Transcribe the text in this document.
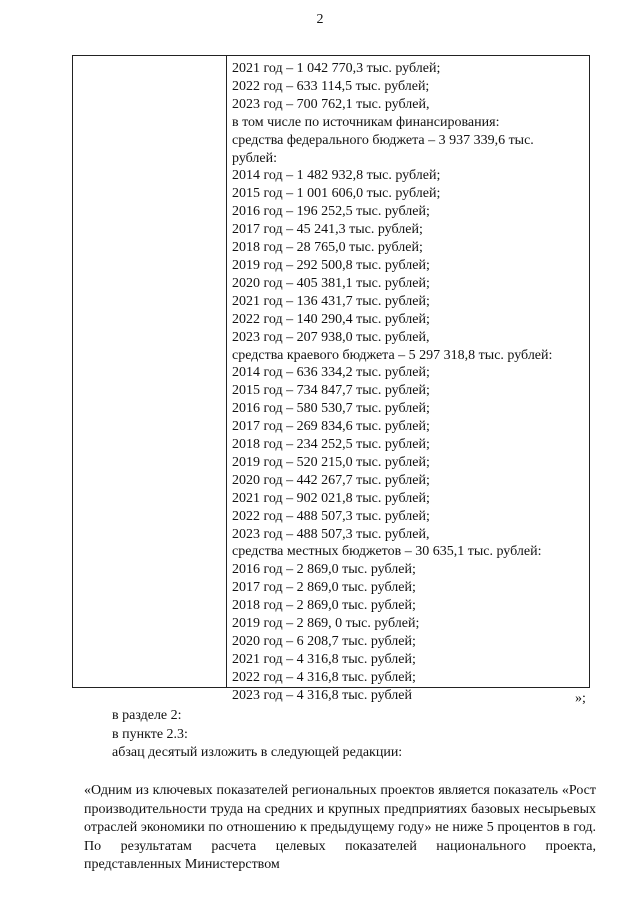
2
2021 год – 1 042 770,3 тыс. рублей;
2022 год – 633 114,5 тыс. рублей;
2023 год – 700 762,1 тыс. рублей,
в том числе по источникам финансирования:
средства федерального бюджета – 3 937 339,6 тыс.
рублей:
2014 год – 1 482 932,8 тыс. рублей;
2015 год – 1 001 606,0 тыс. рублей;
2016 год – 196 252,5 тыс. рублей;
2017 год – 45 241,3 тыс. рублей;
2018 год – 28 765,0 тыс. рублей;
2019 год – 292 500,8 тыс. рублей;
2020 год – 405 381,1 тыс. рублей;
2021 год – 136 431,7 тыс. рублей;
2022 год – 140 290,4 тыс. рублей;
2023 год – 207 938,0 тыс. рублей,
средства краевого бюджета – 5 297 318,8 тыс. рублей:
2014 год – 636 334,2 тыс. рублей;
2015 год – 734 847,7 тыс. рублей;
2016 год – 580 530,7 тыс. рублей;
2017 год – 269 834,6 тыс. рублей;
2018 год – 234 252,5 тыс. рублей;
2019 год – 520 215,0 тыс. рублей;
2020 год – 442 267,7 тыс. рублей;
2021 год – 902 021,8 тыс. рублей;
2022 год – 488 507,3 тыс. рублей;
2023 год – 488 507,3 тыс. рублей,
средства местных бюджетов – 30 635,1 тыс. рублей:
2016 год – 2 869,0 тыс. рублей;
2017 год – 2 869,0 тыс. рублей;
2018 год – 2 869,0 тыс. рублей;
2019 год – 2 869, 0 тыс. рублей;
2020 год – 6 208,7 тыс. рублей;
2021 год – 4 316,8 тыс. рублей;
2022 год – 4 316,8 тыс. рублей;
2023 год – 4 316,8 тыс. рублей	»;
в разделе 2:
в пункте 2.3:
абзац десятый изложить в следующей редакции:
«Одним из ключевых показателей региональных проектов является показатель «Рост производительности труда на средних и крупных предприятиях базовых несырьевых отраслей экономики по отношению к предыдущему году» не ниже 5 процентов в год. По результатам расчета целевых показателей национального проекта, представленных Министерством
